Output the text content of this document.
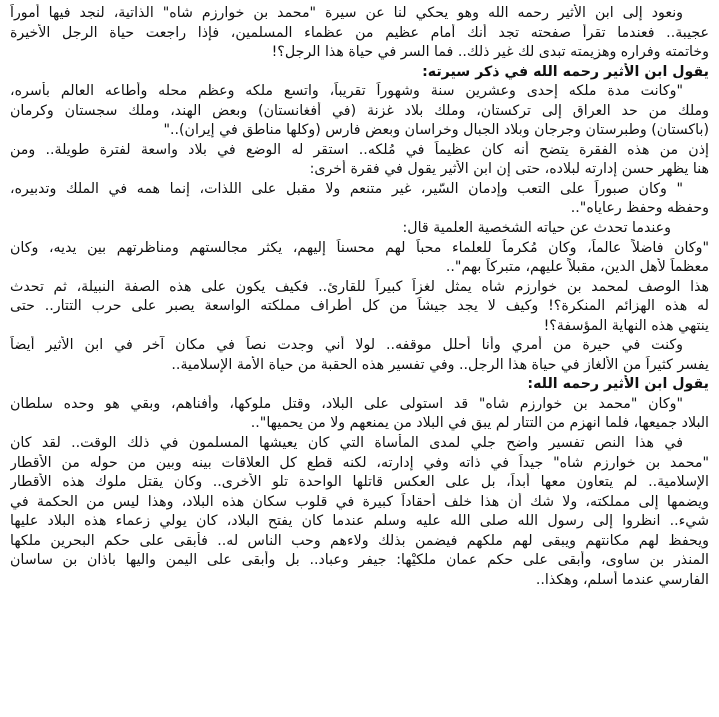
ونعود إلى ابن الأثير رحمه الله وهو يحكي لنا عن سيرة "محمد بن خوارزم شاه" الذاتية، لنجد فيها أموراً
عجيبة.. فعندما تقرأ صفحته تجد أنك أمام عظيم من عظماء المسلمين، فإذا راجعت حياة الرجل الأخيرة
وخاتمته وفراره وهزيمته تبدى لك غير ذلك.. فما السر في حياة هذا الرجل؟!
يقول ابن الأثير رحمه الله في ذكر سيرته:
"وكانت مدة ملكه إحدى وعشرين سنة وشهوراً تقريباً، واتسع ملكه وعظم محله وأطاعه العالم بأسره،
وملك من حد العراق إلى تركستان، وملك بلاد غزنة (في أفغانستان) وبعض الهند، وملك سجستان وكرمان
(باكستان) وطبرستان وجرجان وبلاد الجبال وخراسان وبعض فارس (وكلها مناطق في إيران).."
إذن من هذه الفقرة يتضح أنه كان عظيماً في مُلكه.. استقر له الوضع في بلاد واسعة لفترة طويلة.. ومن
هنا يظهر حسن إدارته لبلاده، حتى إن ابن الأثير يقول في فقرة أخرى:
" وكان صبوراً على التعب وإدمان السّير، غير متنعم ولا مقبل على اللذات، إنما همه في الملك وتدبيره،
وحفظه وحفظ رعاياه"..
وعندما تحدث عن حياته الشخصية العلمية قال:
"وكان فاضلاً عالماً، وكان مُكرماً للعلماء محباً لهم محسناً إليهم، يكثر مجالستهم ومناظرتهم بين يديه، وكان
معظماً لأهل الدين، مقبلاً عليهم، متبركاً بهم"..
هذا الوصف لمحمد بن خوارزم شاه يمثل لغزاً كبيراً للقارئ.. فكيف يكون على هذه الصفة النبيلة، ثم تحدث
له هذه الهزائم المنكرة؟! وكيف لا يجد جيشاً من كل أطراف مملكته الواسعة يصبر على حرب التتار.. حتى
ينتهي هذه النهاية المؤسفة؟!
وكنت في حيرة من أمري وأنا أحلل موقفه.. لولا أني وجدت نصاً في مكان آخر في ابن الأثير أيضاً
يفسر كثيراً من الألغاز في حياة هذا الرجل.. وفي تفسير هذه الحقبة من حياة الأمة الإسلامية..
يقول ابن الأثير رحمه الله:
"وكان "محمد بن خوارزم شاه" قد استولى على البلاد، وقتل ملوكها، وأفناهم، وبقي هو وحده سلطان
البلاد جميعها، فلما انهزم من التتار لم يبق في البلاد من يمنعهم ولا من يحميها"..
في هذا النص تفسير واضح جلي لمدى المأساة التي كان يعيشها المسلمون في ذلك الوقت.. لقد كان
"محمد بن خوارزم شاه" جيداً في ذاته وفي إدارته، لكنه قطع كل العلاقات بينه وبين من حوله من الأقطار
الإسلامية.. لم يتعاون معها أبداً، بل على العكس قاتلها الواحدة تلو الأخرى.. وكان يقتل ملوك هذه الأقطار
ويضمها إلى مملكته، ولا شك أن هذا خلف أحقاداً كبيرة في قلوب سكان هذه البلاد، وهذا ليس من الحكمة في
شيء.. انظروا إلى رسول الله صلى الله عليه وسلم عندما كان يفتح البلاد، كان يولي زعماء هذه البلاد عليها
ويحفظ لهم مكانتهم ويبقى لهم ملكهم فيضمن بذلك ولاءهم وحب الناس له.. فأبقى على حكم البحرين ملكها
المنذر بن ساوى، وأبقى على حكم عمان ملكيْها: جيفر وعباد.. بل وأبقى على اليمن واليها باذان بن ساسان
الفارسي عندما أسلم، وهكذا..
